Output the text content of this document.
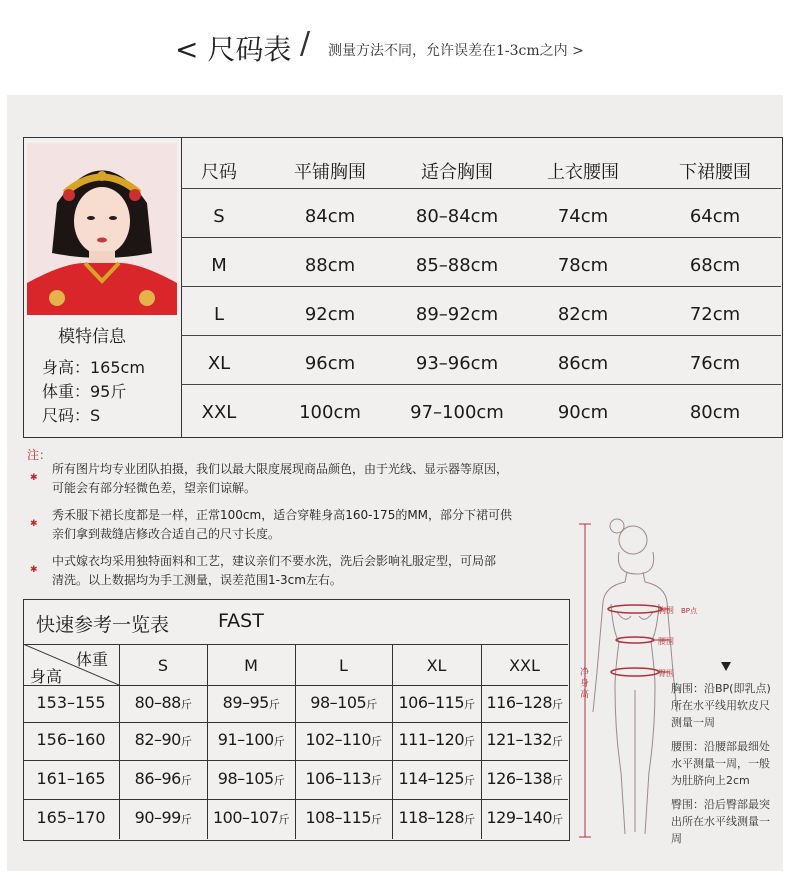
< 尺码表 / 测量方法不同，允许误差在1-3cm之内 >
模特信息
身高：165cm
体重：95斤
尺码：S
尺码	平铺胸围	适合胸围	上衣腰围	下裙腰围
S	84cm	80–84cm	74cm	64cm
M	88cm	85–88cm	78cm	68cm
L	92cm	89–92cm	82cm	72cm
XL	96cm	93–96cm	86cm	76cm
XXL	100cm	97–100cm	90cm	80cm
注：
✱
所有图片均专业团队拍摄，我们以最大限度展现商品颜色，由于光线、显示器等原因，
可能会有部分轻微色差，望亲们谅解。
✱
秀禾服下裙长度都是一样，正常100cm，适合穿鞋身高160-175的MM，部分下裙可供
亲们拿到裁缝店修改合适自己的尺寸长度。
✱
中式嫁衣均采用独特面料和工艺，建议亲们不要水洗，洗后会影响礼服定型，可局部
清洗。以上数据均为手工测量，误差范围1-3cm左右。
快速参考一览表	FAST
体重
身高
S	M	L	XL	XXL
153–155	80–88斤	89–95斤	98–105斤	106–115斤 116–128斤
156–160	82–90斤	91–100斤	102–110斤	111–120斤 121–132斤
161–165	86–96斤	98–105斤	106–113斤	114–125斤 126–138斤
165–170	90–99斤	100–107斤	108–115斤	118–128斤 129–140斤
胸围 BP点
腰围
臀围
净身高	胸围：沿BP(即乳点)
所在水平线用软皮尺
测量一周
腰围：沿腰部最细处
水平测量一周，一般
为肚脐向上2cm
臀围：沿后臀部最突
出所在水平线测量一
周
